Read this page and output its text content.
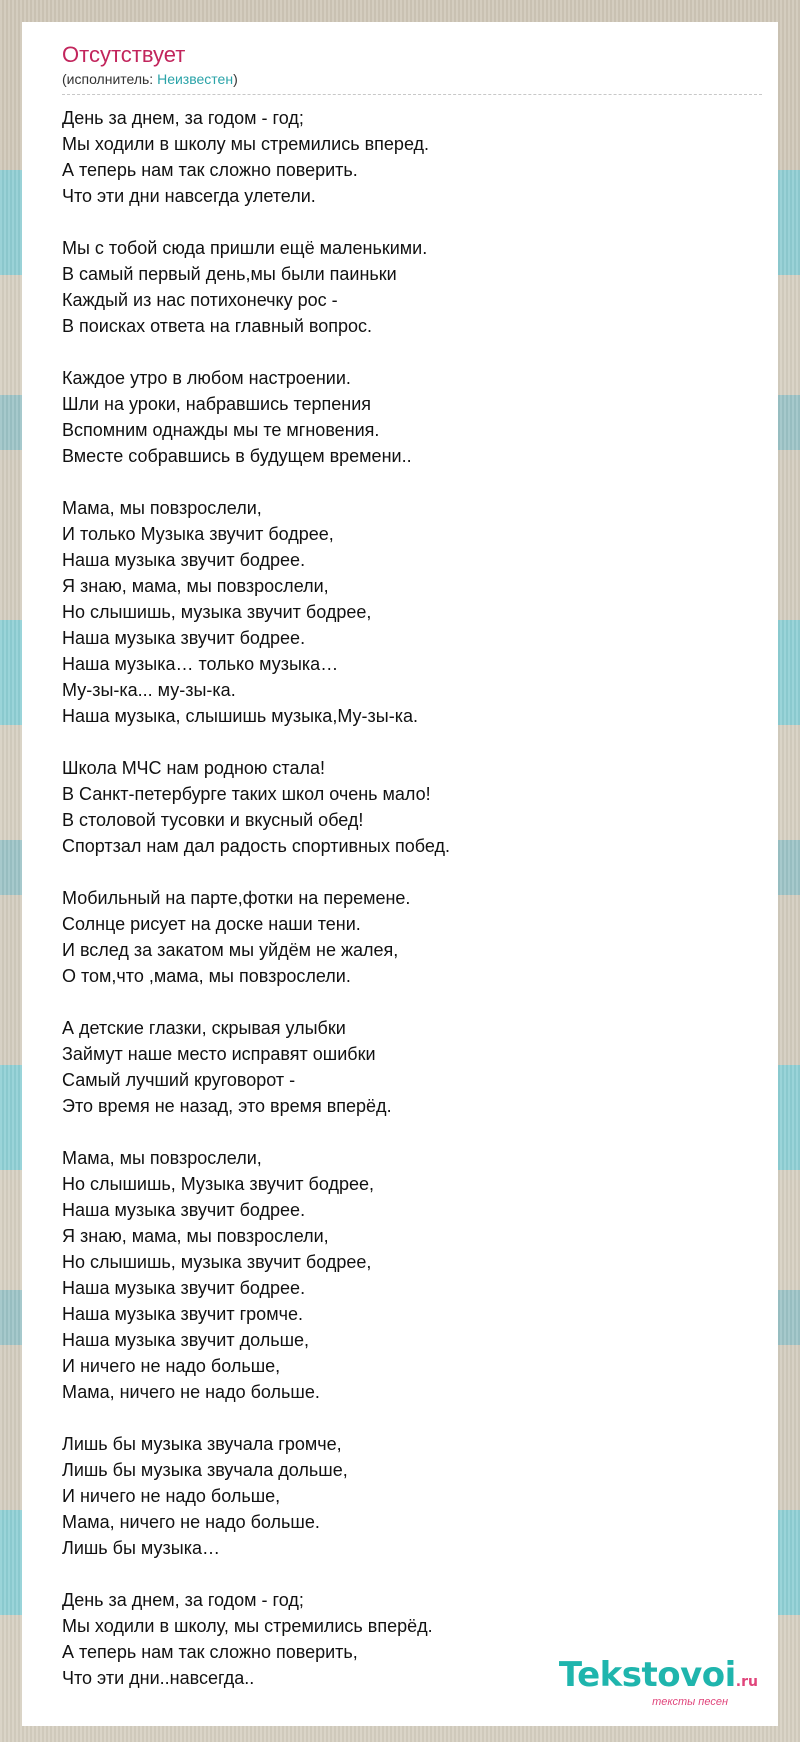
Отсутствует
(исполнитель: Неизвестен)
День за днем, за годом - год;
Мы ходили в школу мы стремились вперед.
А теперь нам так сложно поверить.
Что эти дни навсегда улетели.
Мы с тобой сюда пришли ещё маленькими.
В самый первый день,мы были паиньки
Каждый из нас потихонечку рос -
В поисках ответа на главный вопрос.
Каждое утро в любом настроении.
Шли на уроки, набравшись терпения
Вспомним однажды мы те мгновения.
Вместе собравшись в будущем времени..
Мама, мы повзрослели,
И только Музыка звучит бодрее,
Наша музыка звучит бодрее.
Я знаю, мама, мы повзрослели,
Но слышишь, музыка звучит бодрее,
Наша музыка звучит бодрее.
Наша музыка… только музыка…
Му-зы-ка... му-зы-ка.
Наша музыка, слышишь музыка,Му-зы-ка.
Школа МЧС нам родною стала!
В Санкт-петербурге таких школ очень мало!
В столовой тусовки и вкусный обед!
Спортзал нам дал радость спортивных побед.
Мобильный на парте,фотки на перемене.
Солнце рисует на доске наши тени.
И вслед за закатом мы уйдём не жалея,
О том,что ,мама, мы повзрослели.
А детские глазки, скрывая улыбки
Займут наше место исправят ошибки
Самый лучший круговорот -
Это время не назад, это время вперёд.
Мама, мы повзрослели,
Но слышишь, Музыка звучит бодрее,
Наша музыка звучит бодрее.
Я знаю, мама, мы повзрослели,
Но слышишь, музыка звучит бодрее,
Наша музыка звучит бодрее.
Наша музыка звучит громче.
Наша музыка звучит дольше,
И ничего не надо больше,
Мама, ничего не надо больше.
Лишь бы музыка звучала громче,
Лишь бы музыка звучала дольше,
И ничего не надо больше,
Мама, ничего не надо больше.
Лишь бы музыка…
День за днем, за годом - год;
Мы ходили в школу, мы стремились вперёд.
А теперь нам так сложно поверить,
Что эти дни..навсегда..	Tekstovoi.ru
тексты песен
